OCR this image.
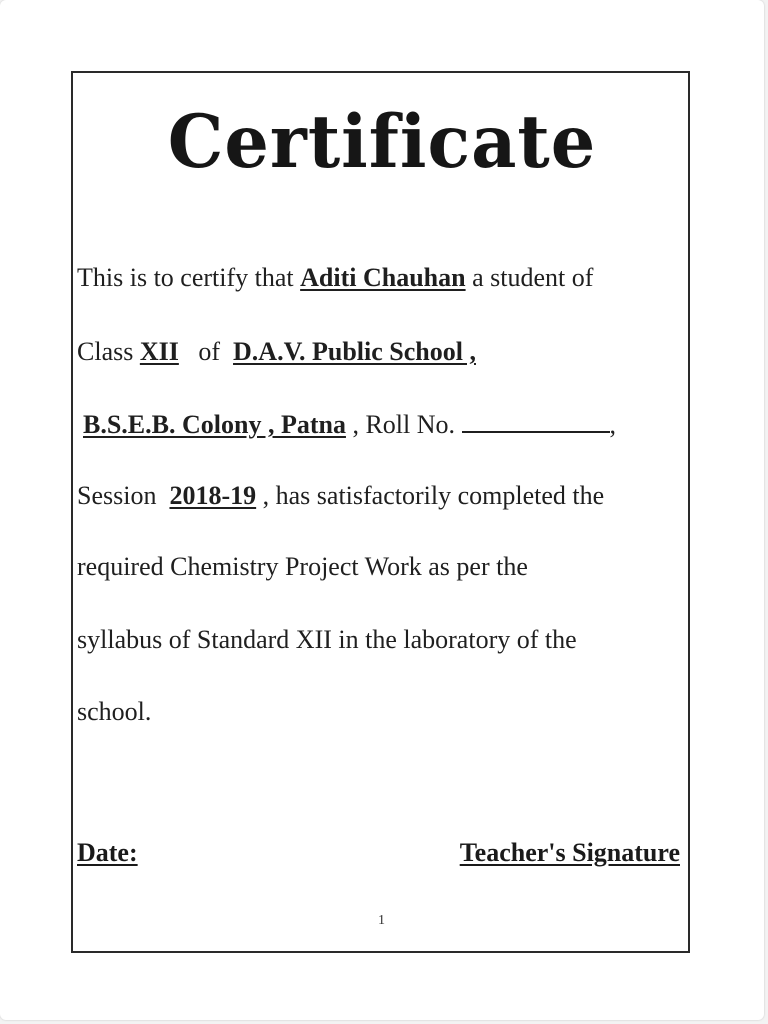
Certificate
This is to certify that Aditi Chauhan a student of
Class XII   of  D.A.V. Public School ,
B.S.E.B. Colony , Patna , Roll No.	,
Session  2018-19 , has satisfactorily completed the
required Chemistry Project Work as per the
syllabus of Standard XII in the laboratory of the
school.
Date:	Teacher's Signature
1
